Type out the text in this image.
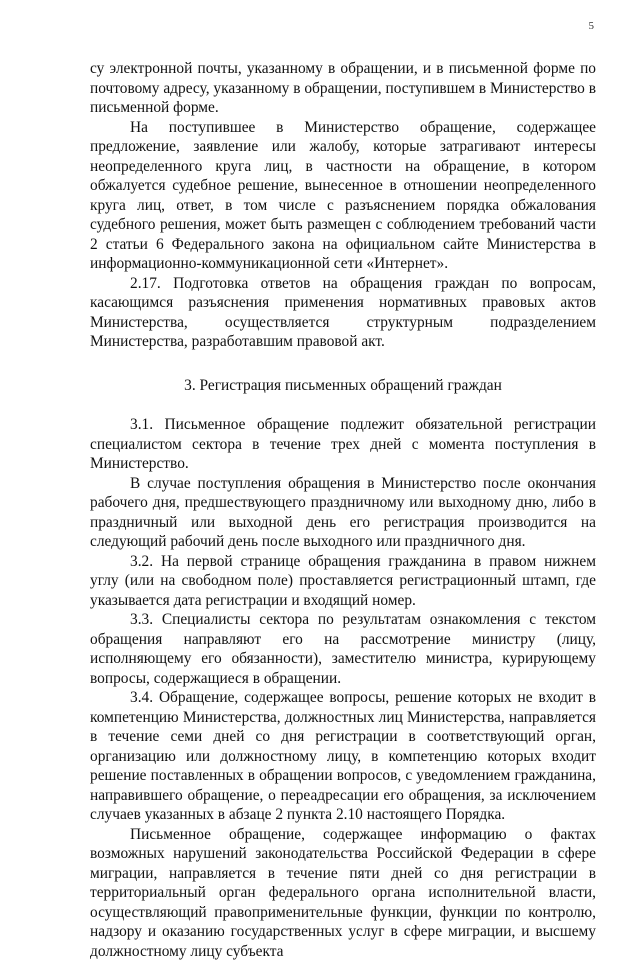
5

су электронной почты, указанному в обращении, и в письменной форме по почтовому адресу, указанному в обращении, поступившем в Министерство в письменной форме.

На поступившее в Министерство обращение, содержащее предложение, заявление или жалобу, которые затрагивают интересы неопределенного круга лиц, в частности на обращение, в котором обжалуется судебное решение, вынесенное в отношении неопределенного круга лиц, ответ, в том числе с разъяснением порядка обжалования судебного решения, может быть размещен с соблюдением требований части 2 статьи 6 Федерального закона на официальном сайте Министерства в информационно-коммуникационной сети «Интернет».

2.17. Подготовка ответов на обращения граждан по вопросам, касающимся разъяснения применения нормативных правовых актов Министерства, осуществляется структурным подразделением Министерства, разработавшим правовой акт.

3. Регистрация письменных обращений граждан

3.1. Письменное обращение подлежит обязательной регистрации специалистом сектора в течение трех дней с момента поступления в Министерство.

В случае поступления обращения в Министерство после окончания рабочего дня, предшествующего праздничному или выходному дню, либо в праздничный или выходной день его регистрация производится на следующий рабочий день после выходного или праздничного дня.

3.2. На первой странице обращения гражданина в правом нижнем углу (или на свободном поле) проставляется регистрационный штамп, где указывается дата регистрации и входящий номер.

3.3. Специалисты сектора по результатам ознакомления с текстом обращения направляют его на рассмотрение министру (лицу, исполняющему его обязанности), заместителю министра, курирующему вопросы, содержащиеся в обращении.

3.4. Обращение, содержащее вопросы, решение которых не входит в компетенцию Министерства, должностных лиц Министерства, направляется в течение семи дней со дня регистрации в соответствующий орган, организацию или должностному лицу, в компетенцию которых входит решение поставленных в обращении вопросов, с уведомлением гражданина, направившего обращение, о переадресации его обращения, за исключением случаев указанных в абзаце 2 пункта 2.10 настоящего Порядка.

Письменное обращение, содержащее информацию о фактах возможных нарушений законодательства Российской Федерации в сфере миграции, направляется в течение пяти дней со дня регистрации в территориальный орган федерального органа исполнительной власти, осуществляющий правоприменительные функции, функции по контролю, надзору и оказанию государственных услуг в сфере миграции, и высшему должностному лицу субъекта
